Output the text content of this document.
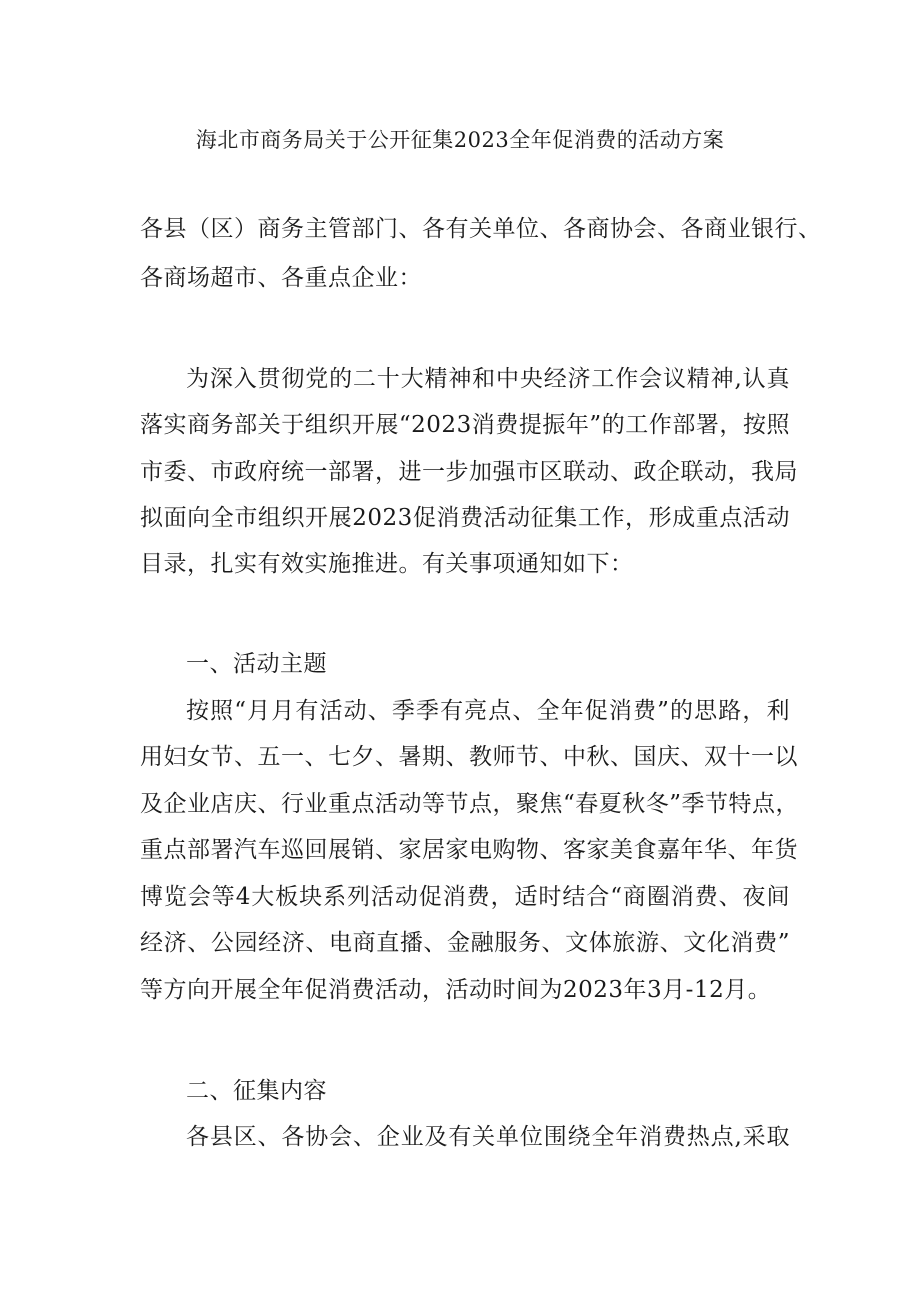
海北市商务局关于公开征集2023全年促消费的活动方案
各县（区）商务主管部门、各有关单位、各商协会、各商业银行、
各商场超市、各重点企业：
为深入贯彻党的二十大精神和中央经济工作会议精神,认真
落实商务部关于组织开展“2023消费提振年”的工作部署，按照
市委、市政府统一部署，进一步加强市区联动、政企联动，我局
拟面向全市组织开展2023促消费活动征集工作，形成重点活动
目录，扎实有效实施推进。有关事项通知如下：
一、活动主题
按照“月月有活动、季季有亮点、全年促消费”的思路，利
用妇女节、五一、七夕、暑期、教师节、中秋、国庆、双十一以
及企业店庆、行业重点活动等节点，聚焦“春夏秋冬”季节特点，
重点部署汽车巡回展销、家居家电购物、客家美食嘉年华、年货
博览会等4大板块系列活动促消费，适时结合“商圈消费、夜间
经济、公园经济、电商直播、金融服务、文体旅游、文化消费”
等方向开展全年促消费活动，活动时间为2023年3月-12月。
二、征集内容
各县区、各协会、企业及有关单位围绕全年消费热点,采取
